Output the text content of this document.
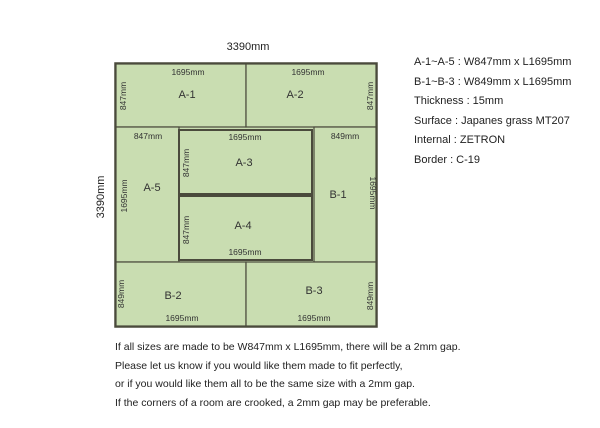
3390mm
3390mm
A-1
1695mm
847mm	A-2
1695mm
847mm
A-5
847mm
1695mm
A-3
1695mm
847mm
A-4
1695mm
847mm
B-1
849mm
1695mm
B-2
1695mm
849mm	B-3
1695mm
849mm
A-1~A-5 : W847mm x L1695mm
B-1~B-3 : W849mm x L1695mm
Thickness : 15mm
Surface : Japanes grass MT207
Internal : ZETRON
Border : C-19
If all sizes are made to be W847mm x L1695mm, there will be a 2mm gap.
Please let us know if you would like them made to fit perfectly,
or if you would like them all to be the same size with a 2mm gap.
If the corners of a room are crooked, a 2mm gap may be preferable.
